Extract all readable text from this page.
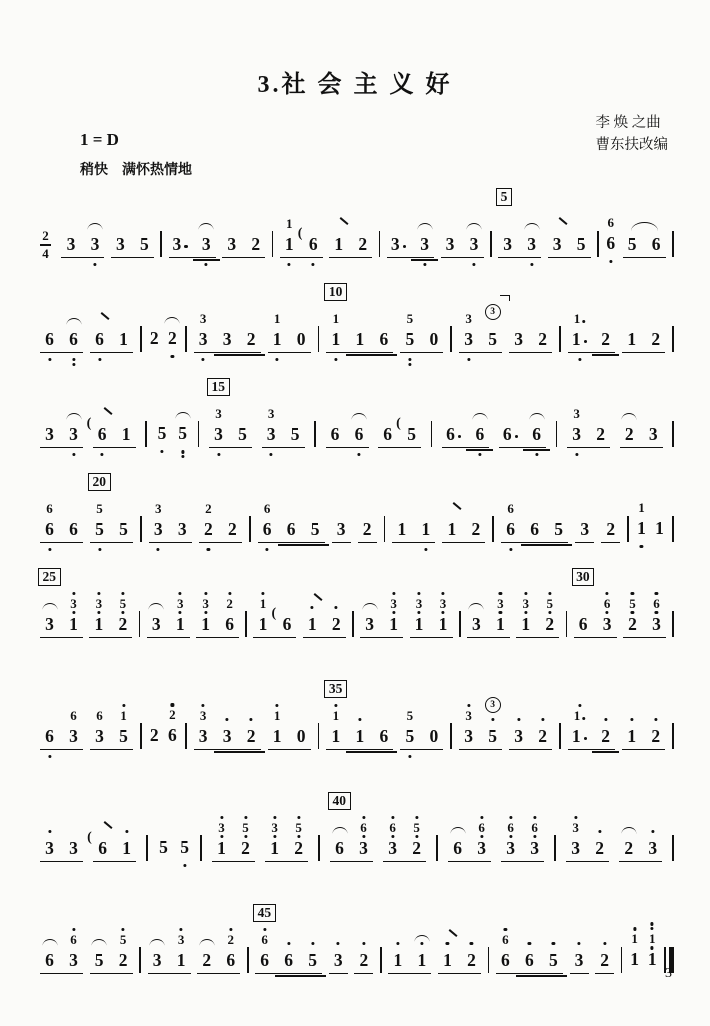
3.社 会 主 义 好
李 焕 之曲
曹东扶改编
1 = D
稍快　满怀热情地
2
4 3 3 3 5 3 3 3 2 1
1
6
(
1 2 3 3 3 3 3
5
3 3 5 6
6
5 6
6 6 6 1 2 2 3
3
3 2 1
1
0 1
1
10
1 6 5
5
0 3
3
5
3
3 2 1
1
2 1 2
3 3 6
(
1 5 5 3
3
15
5 3
3
5 6 6 6 5
(
6 6 6 6 3
3
2 2 3
6
6
6 5
5
20
5 3
3
3 2
2
2 6
6
6 5 3 2 1 1 1 2 6
6
6 5 3 2 1
1
1
3
25
1
3
1
3
2
5
3 1
3
1
3
6
2
1
1
6
(
1 2 3 1
3
1
3
1
3
3 1
3
1
3
2
5
6
30
3
6
2
5
3
6
6 3
6
3
6
5
1
2 6
2
3
3
3 2 1
1
0 1
1
35
1 6 5
5
0 3
3
5
3
3 2 1
1
2 1 2
3 3 6
(
1 5 5 1
3
2
5
1
3
2
5
6
40
3
6
3
6
2
5
6 3
6
3
6
3
6
3
3
2 2 3
6 3
6
5 2
5
3 1
3
2 6
2
6
6
45
6 5 3 2 1 1 1 2 6
6
6 5 3 2 1
1
1
1
3
